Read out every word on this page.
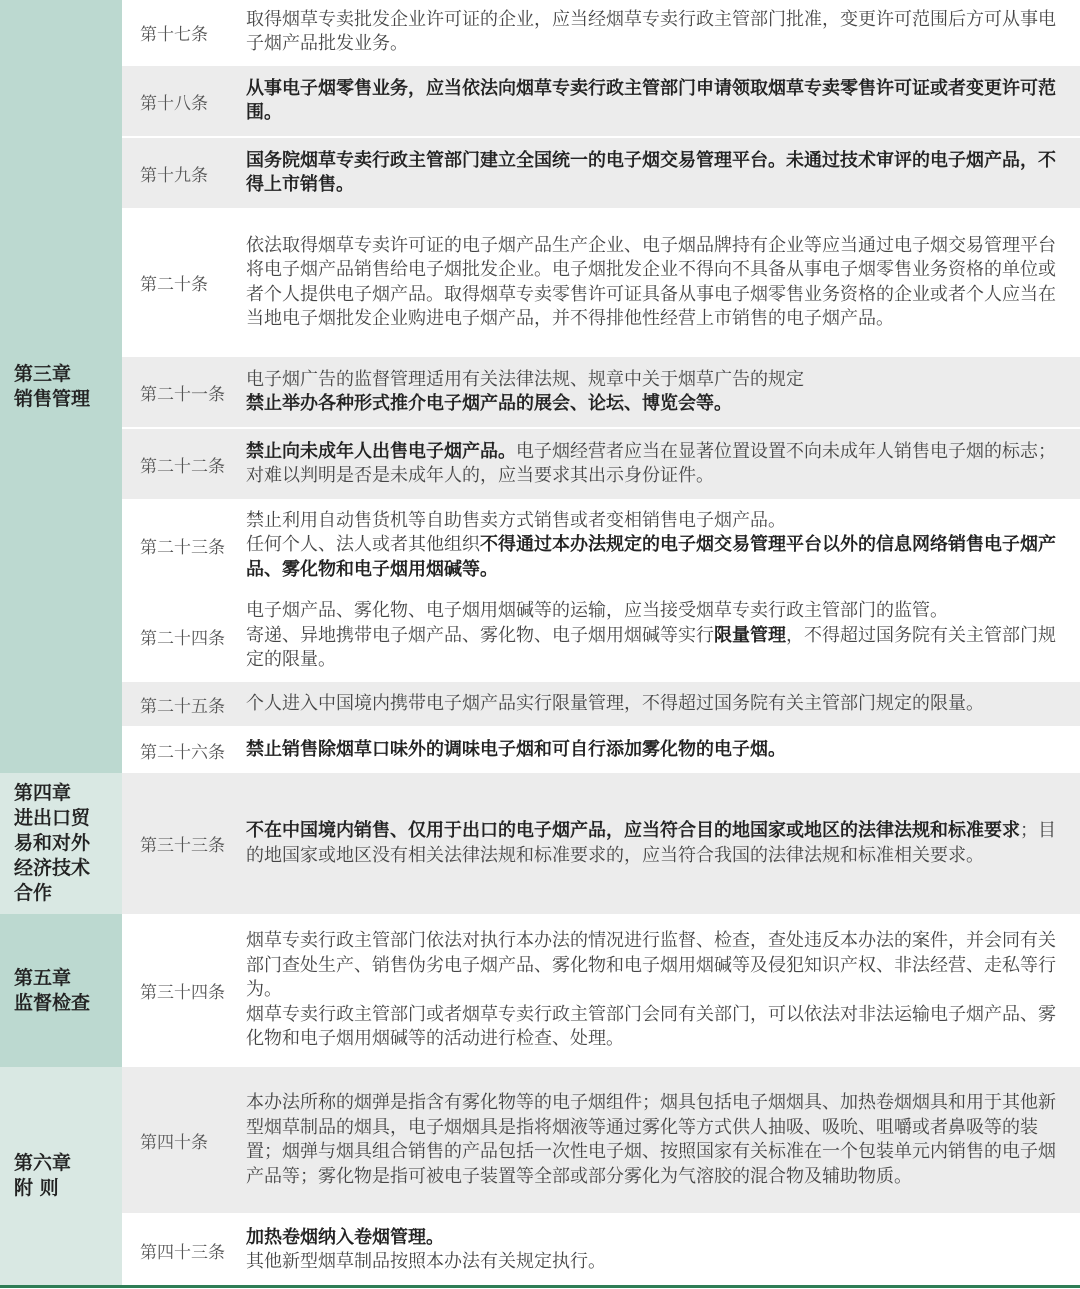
第三章
销售管理
第四章
进出口贸
易和对外
经济技术
合作
第五章
监督检查
第六章
附 则
第十七条
取得烟草专卖批发企业许可证的企业，应当经烟草专卖行政主管部门批准，变更许可范围后方可从事电子烟产品批发业务。
第十八条
从事电子烟零售业务，应当依法向烟草专卖行政主管部门申请领取烟草专卖零售许可证或者变更许可范围。
第十九条
国务院烟草专卖行政主管部门建立全国统一的电子烟交易管理平台。未通过技术审评的电子烟产品，不得上市销售。
第二十条
依法取得烟草专卖许可证的电子烟产品生产企业、电子烟品牌持有企业等应当通过电子烟交易管理平台将电子烟产品销售给电子烟批发企业。电子烟批发企业不得向不具备从事电子烟零售业务资格的单位或者个人提供电子烟产品。取得烟草专卖零售许可证具备从事电子烟零售业务资格的企业或者个人应当在当地电子烟批发企业购进电子烟产品，并不得排他性经营上市销售的电子烟产品。
第二十一条
电子烟广告的监督管理适用有关法律法规、规章中关于烟草广告的规定
禁止举办各种形式推介电子烟产品的展会、论坛、博览会等。
第二十二条
禁止向未成年人出售电子烟产品。电子烟经营者应当在显著位置设置不向未成年人销售电子烟的标志；对难以判明是否是未成年人的，应当要求其出示身份证件。
第二十三条
禁止利用自动售货机等自助售卖方式销售或者变相销售电子烟产品。
任何个人、法人或者其他组织不得通过本办法规定的电子烟交易管理平台以外的信息网络销售电子烟产品、雾化物和电子烟用烟碱等。
第二十四条
电子烟产品、雾化物、电子烟用烟碱等的运输，应当接受烟草专卖行政主管部门的监管。
寄递、异地携带电子烟产品、雾化物、电子烟用烟碱等实行限量管理，不得超过国务院有关主管部门规定的限量。
第二十五条	个人进入中国境内携带电子烟产品实行限量管理，不得超过国务院有关主管部门规定的限量。
第二十六条	禁止销售除烟草口味外的调味电子烟和可自行添加雾化物的电子烟。
第三十三条
不在中国境内销售、仅用于出口的电子烟产品，应当符合目的地国家或地区的法律法规和标准要求；目的地国家或地区没有相关法律法规和标准要求的，应当符合我国的法律法规和标准相关要求。
第三十四条
烟草专卖行政主管部门依法对执行本办法的情况进行监督、检查，查处违反本办法的案件，并会同有关部门查处生产、销售伪劣电子烟产品、雾化物和电子烟用烟碱等及侵犯知识产权、非法经营、走私等行为。
烟草专卖行政主管部门或者烟草专卖行政主管部门会同有关部门，可以依法对非法运输电子烟产品、雾化物和电子烟用烟碱等的活动进行检查、处理。
第四十条
本办法所称的烟弹是指含有雾化物等的电子烟组件；烟具包括电子烟烟具、加热卷烟烟具和用于其他新型烟草制品的烟具，电子烟烟具是指将烟液等通过雾化等方式供人抽吸、吸吮、咀嚼或者鼻吸等的装置；烟弹与烟具组合销售的产品包括一次性电子烟、按照国家有关标准在一个包装单元内销售的电子烟产品等；雾化物是指可被电子装置等全部或部分雾化为气溶胶的混合物及辅助物质。
第四十三条
加热卷烟纳入卷烟管理。
其他新型烟草制品按照本办法有关规定执行。
